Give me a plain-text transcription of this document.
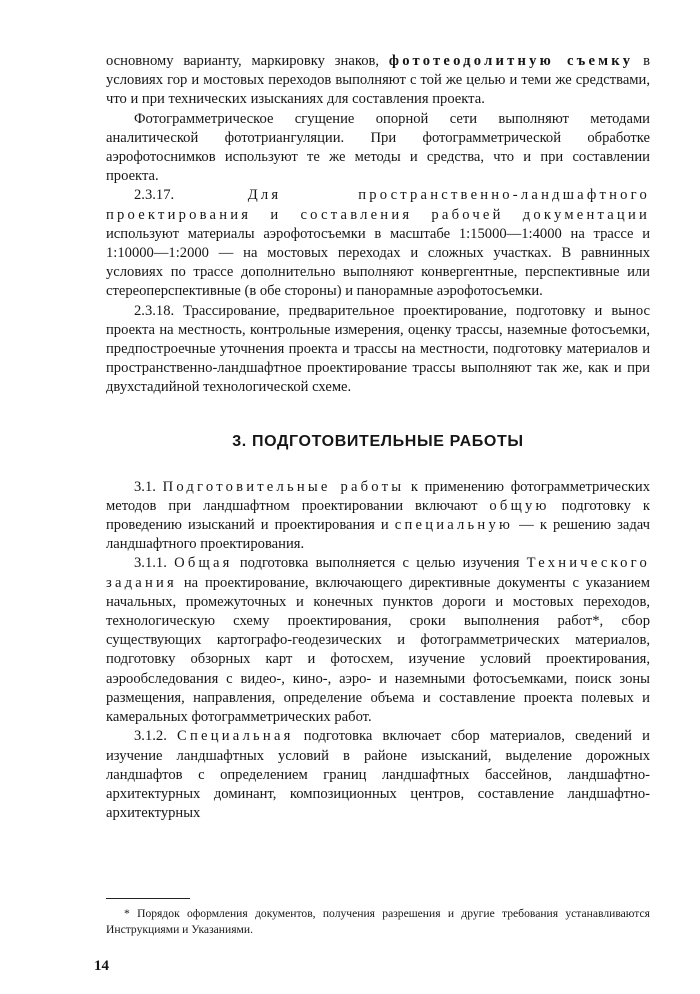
основному варианту, маркировку знаков, фототеодолитную съемку в условиях гор и мостовых переходов выполняют с той же целью и теми же средствами, что и при технических изысканиях для составления проекта.

Фотограмметрическое сгущение опорной сети выполняют методами аналитической фототриангуляции. При фотограмметрической обработке аэрофотоснимков используют те же методы и средства, что и при составлении проекта.

2.3.17. Для пространственно-ландшафтного проектирования и составления рабочей документации используют материалы аэрофотосъемки в масштабе 1:15000—1:4000 на трассе и 1:10000—1:2000 — на мостовых переходах и сложных участках. В равнинных условиях по трассе дополнительно выполняют конвергентные, перспективные или стереоперспективные (в обе стороны) и панорамные аэрофотосъемки.

2.3.18. Трассирование, предварительное проектирование, подготовку и вынос проекта на местность, контрольные измерения, оценку трассы, наземные фотосъемки, предпостроечные уточнения проекта и трассы на местности, подготовку материалов и пространственно-ландшафтное проектирование трассы выполняют так же, как и при двухстадийной технологической схеме.

3. ПОДГОТОВИТЕЛЬНЫЕ РАБОТЫ

3.1. Подготовительные работы к применению фотограмметрических методов при ландшафтном проектировании включают общую подготовку к проведению изысканий и проектирования и специальную — к решению задач ландшафтного проектирования.

3.1.1. Общая подготовка выполняется с целью изучения Технического задания на проектирование, включающего директивные документы с указанием начальных, промежуточных и конечных пунктов дороги и мостовых переходов, технологическую схему проектирования, сроки выполнения работ*, сбор существующих картографо-геодезических и фотограмметрических материалов, подготовку обзорных карт и фотосхем, изучение условий проектирования, аэрообследования с видео-, кино-, аэро- и наземными фотосъемками, поиск зоны размещения, направления, определение объема и составление проекта полевых и камеральных фотограмметрических работ.

3.1.2. Специальная подготовка включает сбор материалов, сведений и изучение ландшафтных условий в районе изысканий, выделение дорожных ландшафтов с определением границ ландшафтных бассейнов, ландшафтно-архитектурных доминант, композиционных центров, составление ландшафтно-архитектурных

* Порядок оформления документов, получения разрешения и другие требования устанавливаются Инструкциями и Указаниями.

14
